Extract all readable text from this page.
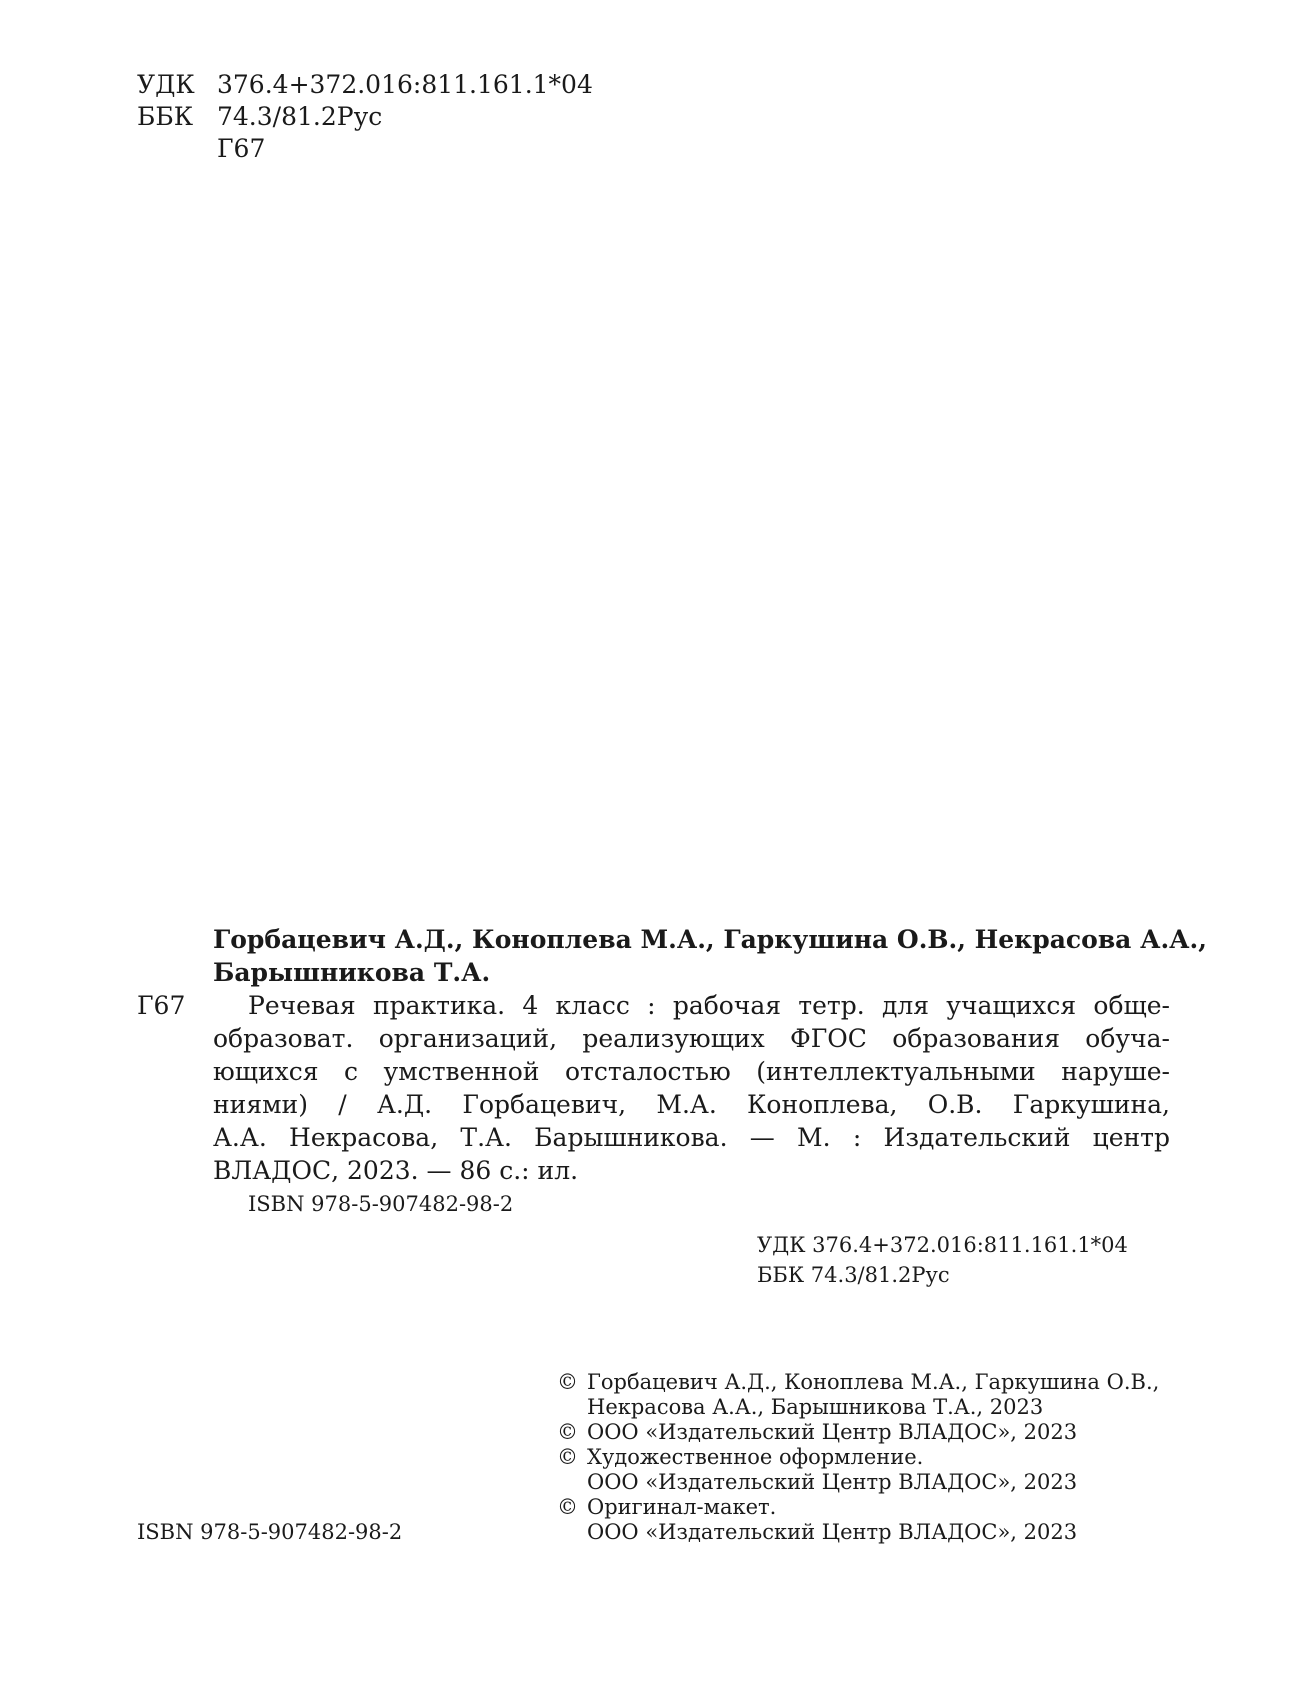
УДК 376.4+372.016:811.161.1*04
ББК 74.3/81.2Рус
Г67
Горбацевич А.Д., Коноплева М.А., Гаркушина О.В., Некрасова А.А.,
Барышникова Т.А.
Г67	Речевая практика. 4 класс : рабочая тетр. для учащихся обще-
образоват. организаций, реализующих ФГОС образования обуча-
ющихся с умственной отсталостью (интеллектуальными наруше-
ниями) / А.Д. Горбацевич, М.А. Коноплева, О.В. Гаркушина,
А.А. Некрасова, Т.А. Барышникова. — М. : Издательский центр
ВЛАДОС, 2023. — 86 с.: ил.
ISBN 978-5-907482-98-2
УДК 376.4+372.016:811.161.1*04
ББК 74.3/81.2Рус
© Горбацевич А.Д., Коноплева М.А., Гаркушина О.В.,
Некрасова А.А., Барышникова Т.А., 2023
© ООО «Издательский Центр ВЛАДОС», 2023
© Художественное оформление.
ООО «Издательский Центр ВЛАДОС», 2023
© Оригинал-макет.
ООО «Издательский Центр ВЛАДОС», 2023
ISBN 978-5-907482-98-2
